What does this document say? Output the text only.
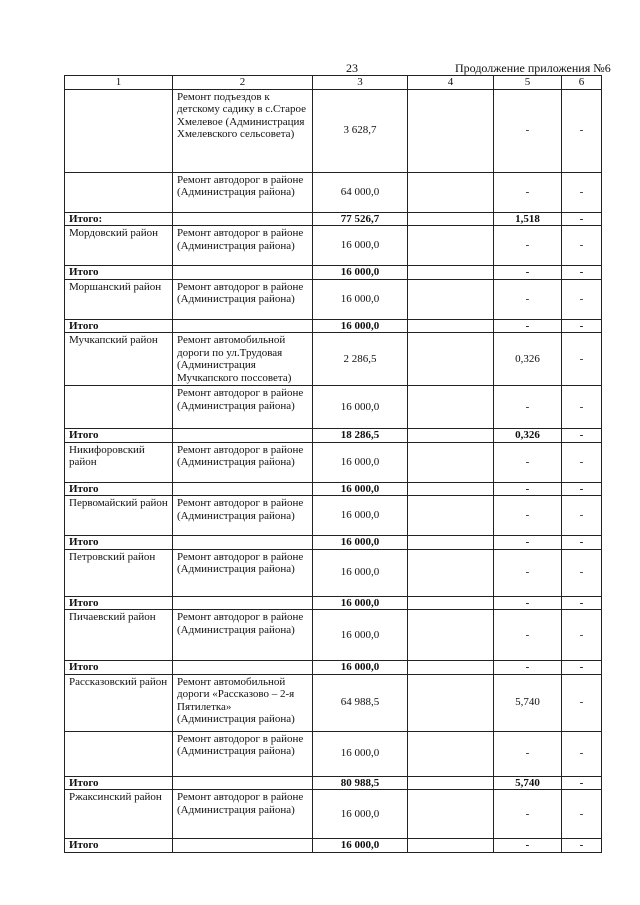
23	Продолжение приложения №6
1	2	3	4	5	6
	Ремонт подъездов к детскому садику в с.Старое Хмелевое (Администрация Хмелевского сельсовета)	3 628,7		-	-
	Ремонт автодорог в районе (Администрация района)	64 000,0		-	-
Итого:		77 526,7		1,518	-
Мордовский район	Ремонт автодорог в районе (Администрация района)	16 000,0		-	-
Итого		16 000,0		-	-
Моршанский район	Ремонт автодорог в районе (Администрация района)	16 000,0		-	-
Итого		16 000,0		-	-
Мучкапский район	Ремонт автомобильной дороги по ул.Трудовая (Администрация Мучкапского поссовета)	2 286,5		0,326	-
	Ремонт автодорог в районе (Администрация района)	16 000,0		-	-
Итого		18 286,5		0,326	-
Никифоровский район	Ремонт автодорог в районе (Администрация района)	16 000,0		-	-
Итого		16 000,0		-	-
Первомайский район	Ремонт автодорог в районе (Администрация района)	16 000,0		-	-
Итого		16 000,0		-	-
Петровский район	Ремонт автодорог в районе (Администрация района)	16 000,0		-	-
Итого		16 000,0		-	-
Пичаевский район	Ремонт автодорог в районе (Администрация района)	16 000,0		-	-
Итого		16 000,0		-	-
Рассказовский район	Ремонт автомобильной дороги «Рассказово – 2-я Пятилетка» (Администрация района)	64 988,5		5,740	-
	Ремонт автодорог в районе (Администрация района)	16 000,0		-	-
Итого		80 988,5		5,740	-
Ржаксинский район	Ремонт автодорог в районе (Администрация района)	16 000,0		-	-
Итого		16 000,0		-	-
